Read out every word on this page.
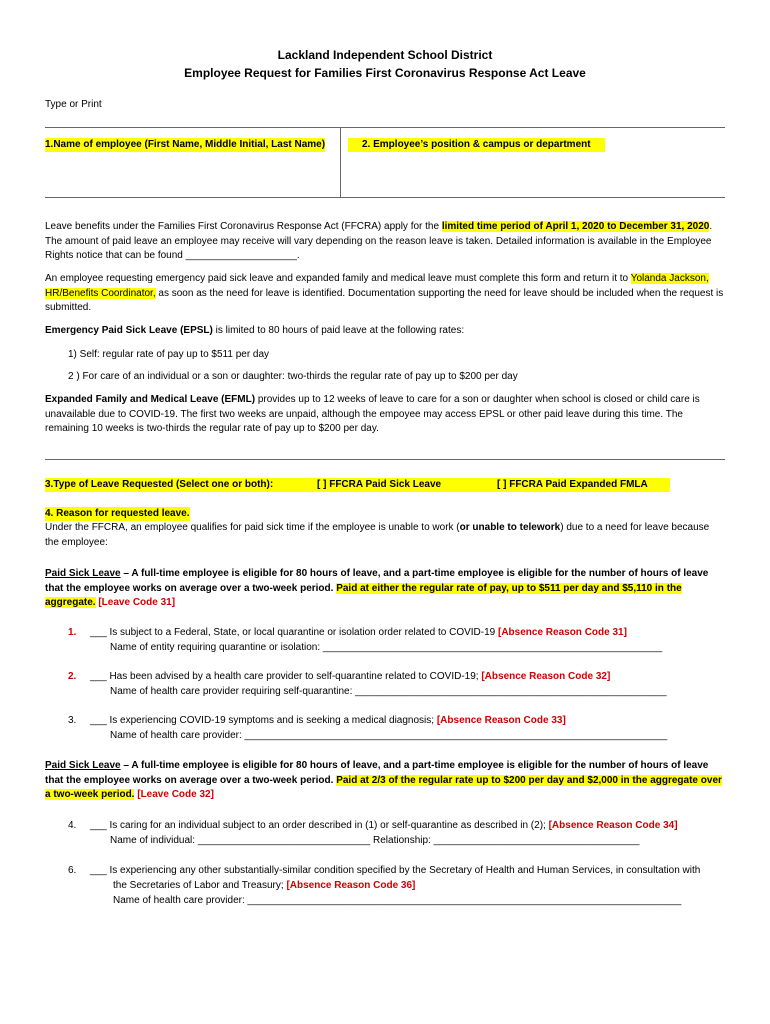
Lackland Independent School District
Employee Request for Families First Coronavirus Response Act Leave
Type or Print
1.Name of employee (First Name, Middle Initial, Last Name)	2. Employee’s position & campus or department
Leave benefits under the Families First Coronavirus Response Act (FFCRA) apply for the limited time period of April 1, 2020 to December 31, 2020. The amount of paid leave an employee may receive will vary depending on the reason leave is taken. Detailed information is available in the Employee Rights notice that can be found ____________________.
An employee requesting emergency paid sick leave and expanded family and medical leave must complete this form and return it to Yolanda Jackson, HR/Benefits Coordinator, as soon as the need for leave is identified. Documentation supporting the need for leave should be included when the request is submitted.
Emergency Paid Sick Leave (EPSL) is limited to 80 hours of paid leave at the following rates:
1) Self: regular rate of pay up to $511 per day
2 ) For care of an individual or a son or daughter: two-thirds the regular rate of pay up to $200 per day
Expanded Family and Medical Leave (EFML) provides up to 12 weeks of leave to care for a son or daughter when school is closed or child care is unavailable due to COVID-19. The first two weeks are unpaid, although the empoyee may access EPSL or other paid leave during this time. The remaining 10 weeks is two-thirds the regular rate of pay up to $200 per day.
3.Type of Leave Requested (Select one or both):	[ ] FFCRA Paid Sick Leave	[ ] FFCRA Paid Expanded FMLA
4. Reason for requested leave.
Under the FFCRA, an employee qualifies for paid sick time if the employee is unable to work (or unable to telework) due to a need for leave because the employee:
Paid Sick Leave – A full-time employee is eligible for 80 hours of leave, and a part-time employee is eligible for the number of hours of leave that the employee works on average over a two-week period. Paid at either the regular rate of pay, up to $511 per day and $5,110 in the aggregate. [Leave Code 31]
1. ___ Is subject to a Federal, State, or local quarantine or isolation order related to COVID-19 [Absence Reason Code 31]
Name of entity requiring quarantine or isolation: _____________________________________________________________
2. ___ Has been advised by a health care provider to self-quarantine related to COVID-19; [Absence Reason Code 32]
Name of health care provider requiring self-quarantine: ________________________________________________________
3. ___ Is experiencing COVID-19 symptoms and is seeking a medical diagnosis; [Absence Reason Code 33]
Name of health care provider: ____________________________________________________________________________
Paid Sick Leave – A full-time employee is eligible for 80 hours of leave, and a part-time employee is eligible for the number of hours of leave that the employee works on average over a two-week period. Paid at 2/3 of the regular rate up to $200 per day and $2,000 in the aggregate over a two-week period. [Leave Code 32]
4. ___ Is caring for an individual subject to an order described in (1) or self-quarantine as described in (2); [Absence Reason Code 34]
Name of individual: _______________________________ Relationship: _____________________________________
6. ___ Is experiencing any other substantially-similar condition specified by the Secretary of Health and Human Services, in consultation with
the Secretaries of Labor and Treasury; [Absence Reason Code 36]
Name of health care provider: ______________________________________________________________________________
